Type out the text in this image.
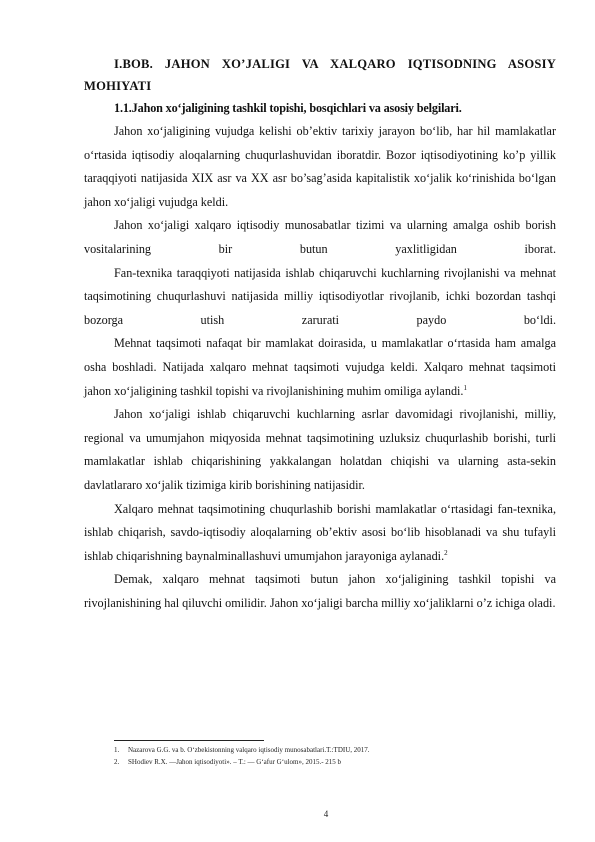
I.BOB. JAHON XO’JALIGI VA XALQARO IQTISODNING ASOSIY MOHIYATI
1.1.Jahon xo‘jaligining tashkil topishi, bosqichlari va asosiy belgilari.

Jahon xo‘jaligining vujudga kelishi ob’ektiv tarixiy jarayon bo‘lib, har hil mamlakatlar o‘rtasida iqtisodiy aloqalarning chuqurlashuvidan iboratdir. Bozor iqtisodiyotining ko’p yillik taraqqiyoti natijasida XIX asr va XX asr bo’sag’asida kapitalistik xo‘jalik ko‘rinishida bo‘lgan jahon xo‘jaligi vujudga keldi.

Jahon xo‘jaligi xalqaro iqtisodiy munosabatlar tizimi va ularning amalga oshib borish vositalarining bir butun yaxlitligidan iborat.

Fan-texnika taraqqiyoti natijasida ishlab chiqaruvchi kuchlarning rivojlanishi va mehnat taqsimotining chuqurlashuvi natijasida milliy iqtisodiyotlar rivojlanib, ichki bozordan tashqi bozorga utish zarurati paydo bo‘ldi.

Mehnat taqsimoti nafaqat bir mamlakat doirasida, u mamlakatlar o‘rtasida ham amalga osha boshladi. Natijada xalqaro mehnat taqsimoti vujudga keldi. Xalqaro mehnat taqsimoti jahon xo‘jaligining tashkil topishi va rivojlanishining muhim omiliga aylandi.$^1$

Jahon xo‘jaligi ishlab chiqaruvchi kuchlarning asrlar davomidagi rivojlanishi, milliy, regional va umumjahon miqyosida mehnat taqsimotining uzluksiz chuqurlashib borishi, turli mamlakatlar ishlab chiqarishining yakkalangan holatdan chiqishi va ularning asta-sekin davlatlararo xo‘jalik tizimiga kirib borishining natijasidir.

Xalqaro mehnat taqsimotining chuqurlashib borishi mamlakatlar o‘rtasidagi fan-texnika, ishlab chiqarish, savdo-iqtisodiy aloqalarning ob’ektiv asosi bo‘lib hisoblanadi va shu tufayli ishlab chiqarishning baynalminallashuvi umumjahon jarayoniga aylanadi.$^2$

Demak, xalqaro mehnat taqsimoti butun jahon xo‘jaligining tashkil topishi va rivojlanishining hal qiluvchi omilidir. Jahon xo‘jaligi barcha milliy xo‘jaliklarni o’z ichiga oladi.

1. Nazarova G.G. va b. O‘zbekistonning valqaro iqtisodiy munosabatlari.T.:TDIU, 2017.
2. SHodiev R.X. —Jahon iqtisodiyoti». – T.: — G‘afur G‘ulom», 2015.- 215 b
4
